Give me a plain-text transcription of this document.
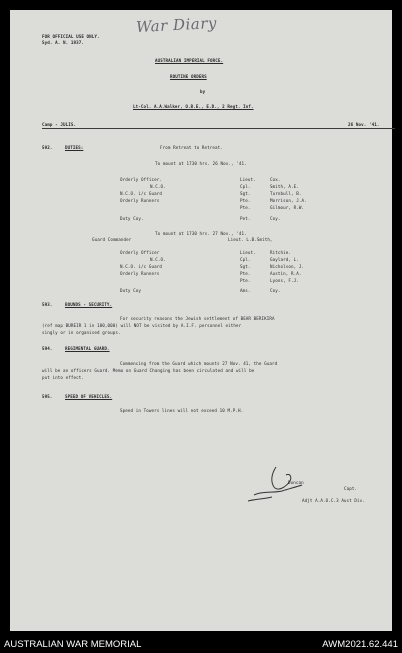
War Diary
FOR OFFICIAL USE ONLY.
Syd. A. N. 1937.
AUSTRALIAN IMPERIAL FORCE.
ROUTINE ORDERS
by
Lt-Col. A.A.Walker, O.B.E., E.D., 2 Regt. Inf.
Camp - JULIS.	26 Nov. '41.
592.	DUTIES:	From Retreat to Retreat.
To mount at 1730 hrs. 26 Nov., '41.
Orderly Officer.	Lieut.	Cox.
N.C.O.	Cpl.	Smith, A.E.
N.C.O. i/c Guard	Sgt.	Turnbull, B.
Orderly Runners	Pte.	Morrison, J.A.
Pte.	Gilmour, R.W.
Duty Coy.	Pet.	Coy.
To mount at 1730 hrs. 27 Nov., '41.
Guard Commander	Lieut. L.B.Smith,
Orderly Officer	Lieut.	Ritchie.
N.C.O.	Cpl.	Gaylard, L.
N.C.O. i/c Guard	Sgt.	Nicholson, J.
Orderly Runners	Pte.	Austin, R.A.
Pte.	Lyons, F.J.
Duty Coy	Ams.	Coy.
593.	BOUNDS - SECURITY.
For security reasons the Jewish settlement of BEAR BERIKIRA
(ref map BUREIR 1 in 100,000) will NOT be visited by A.I.F. personnel either
singly or in organised groups.
594.	REGIMENTAL GUARD.
Commencing from the Guard which mounts 27 Nov. 41, the Guard
will be an officers Guard. Memo on Guard Changing has been circulated and will be
put into effect.
595.	SPEED OF VEHICLES.
Speed in Towers lines will not exceed 10 M.P.H.
Duncan
Capt.
Adjt A.A.O.C.3 Aust Div.
AUSTRALIAN WAR MEMORIAL	AWM2021.62.441
